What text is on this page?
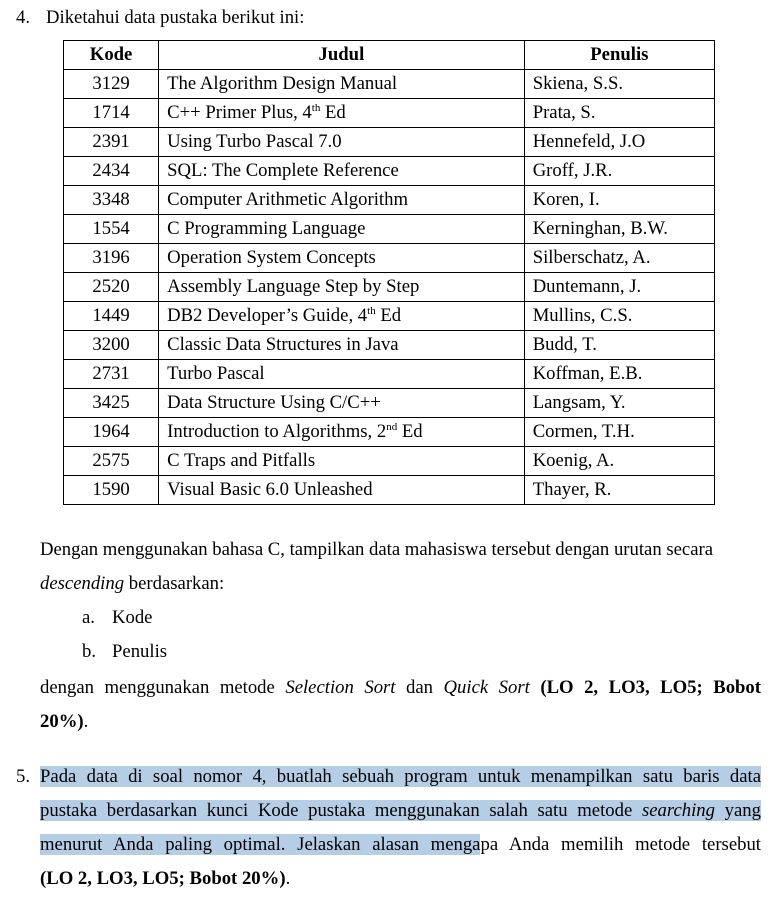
4. Diketahui data pustaka berikut ini:
Kode	Judul	Penulis
3129	The Algorithm Design Manual	Skiena, S.S.
1714	C++ Primer Plus, 4th Ed	Prata, S.
2391	Using Turbo Pascal 7.0	Hennefeld, J.O
2434	SQL: The Complete Reference	Groff, J.R.
3348	Computer Arithmetic Algorithm	Koren, I.
1554	C Programming Language	Kerninghan, B.W.
3196	Operation System Concepts	Silberschatz, A.
2520	Assembly Language Step by Step	Duntemann, J.
1449	DB2 Developer’s Guide, 4th Ed	Mullins, C.S.
3200	Classic Data Structures in Java	Budd, T.
2731	Turbo Pascal	Koffman, E.B.
3425	Data Structure Using C/C++	Langsam, Y.
1964	Introduction to Algorithms, 2nd Ed	Cormen, T.H.
2575	C Traps and Pitfalls	Koenig, A.
1590	Visual Basic 6.0 Unleashed	Thayer, R.
Dengan menggunakan bahasa C, tampilkan data mahasiswa tersebut dengan urutan secara
descending berdasarkan:
a. Kode
b. Penulis
dengan menggunakan metode Selection Sort dan Quick Sort (LO 2, LO3, LO5; Bobot
20%).
5. Pada data di soal nomor 4, buatlah sebuah program untuk menampilkan satu baris data
pustaka berdasarkan kunci Kode pustaka menggunakan salah satu metode searching yang
menurut Anda paling optimal. Jelaskan alasan mengapa Anda memilih metode tersebut
(LO 2, LO3, LO5; Bobot 20%).
